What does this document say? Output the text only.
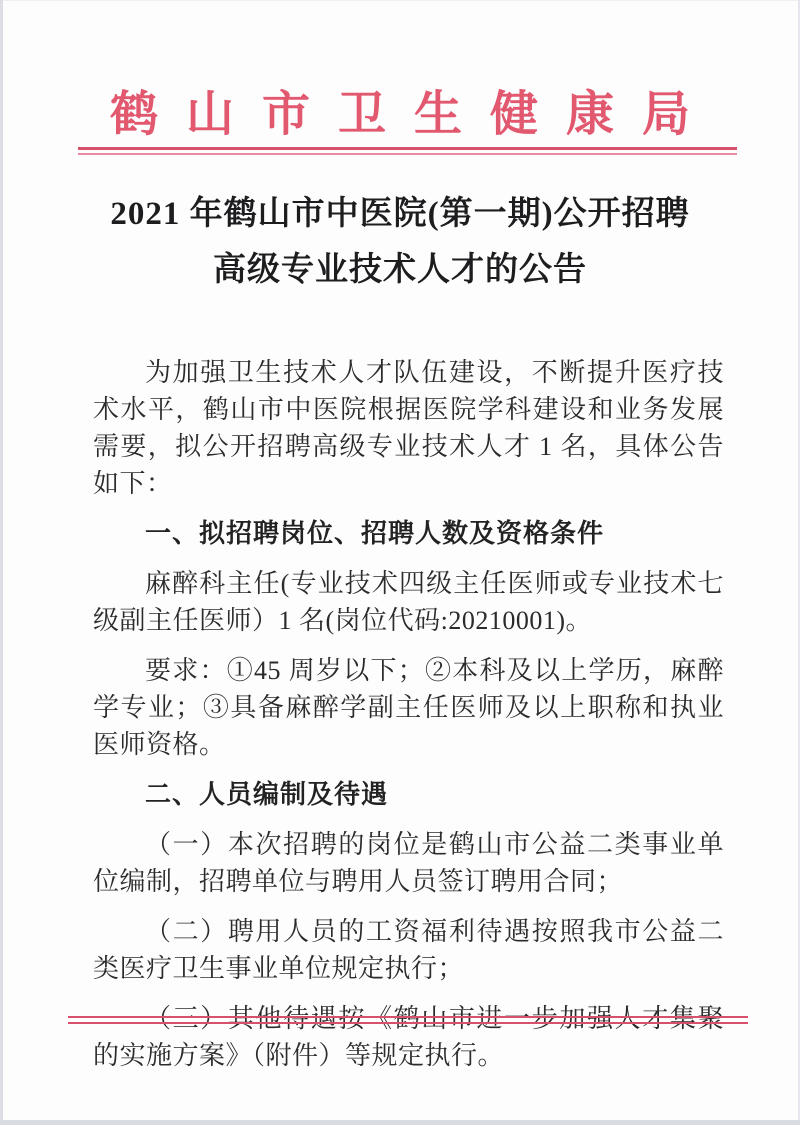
鹤山市卫生健康局
2021 年鹤山市中医院(第一期)公开招聘
高级专业技术人才的公告

为加强卫生技术人才队伍建设，不断提升医疗技术水平，鹤山市中医院根据医院学科建设和业务发展需要，拟公开招聘高级专业技术人才 1 名，具体公告如下：

一、拟招聘岗位、招聘人数及资格条件

麻醉科主任(专业技术四级主任医师或专业技术七级副主任医师）1 名(岗位代码:20210001)。

要求：①45 周岁以下；②本科及以上学历，麻醉学专业；③具备麻醉学副主任医师及以上职称和执业医师资格。

二、人员编制及待遇

（一）本次招聘的岗位是鹤山市公益二类事业单位编制，招聘单位与聘用人员签订聘用合同；

（二）聘用人员的工资福利待遇按照我市公益二类医疗卫生事业单位规定执行；

（三）其他待遇按《鹤山市进一步加强人才集聚的实施方案》（附件）等规定执行。
